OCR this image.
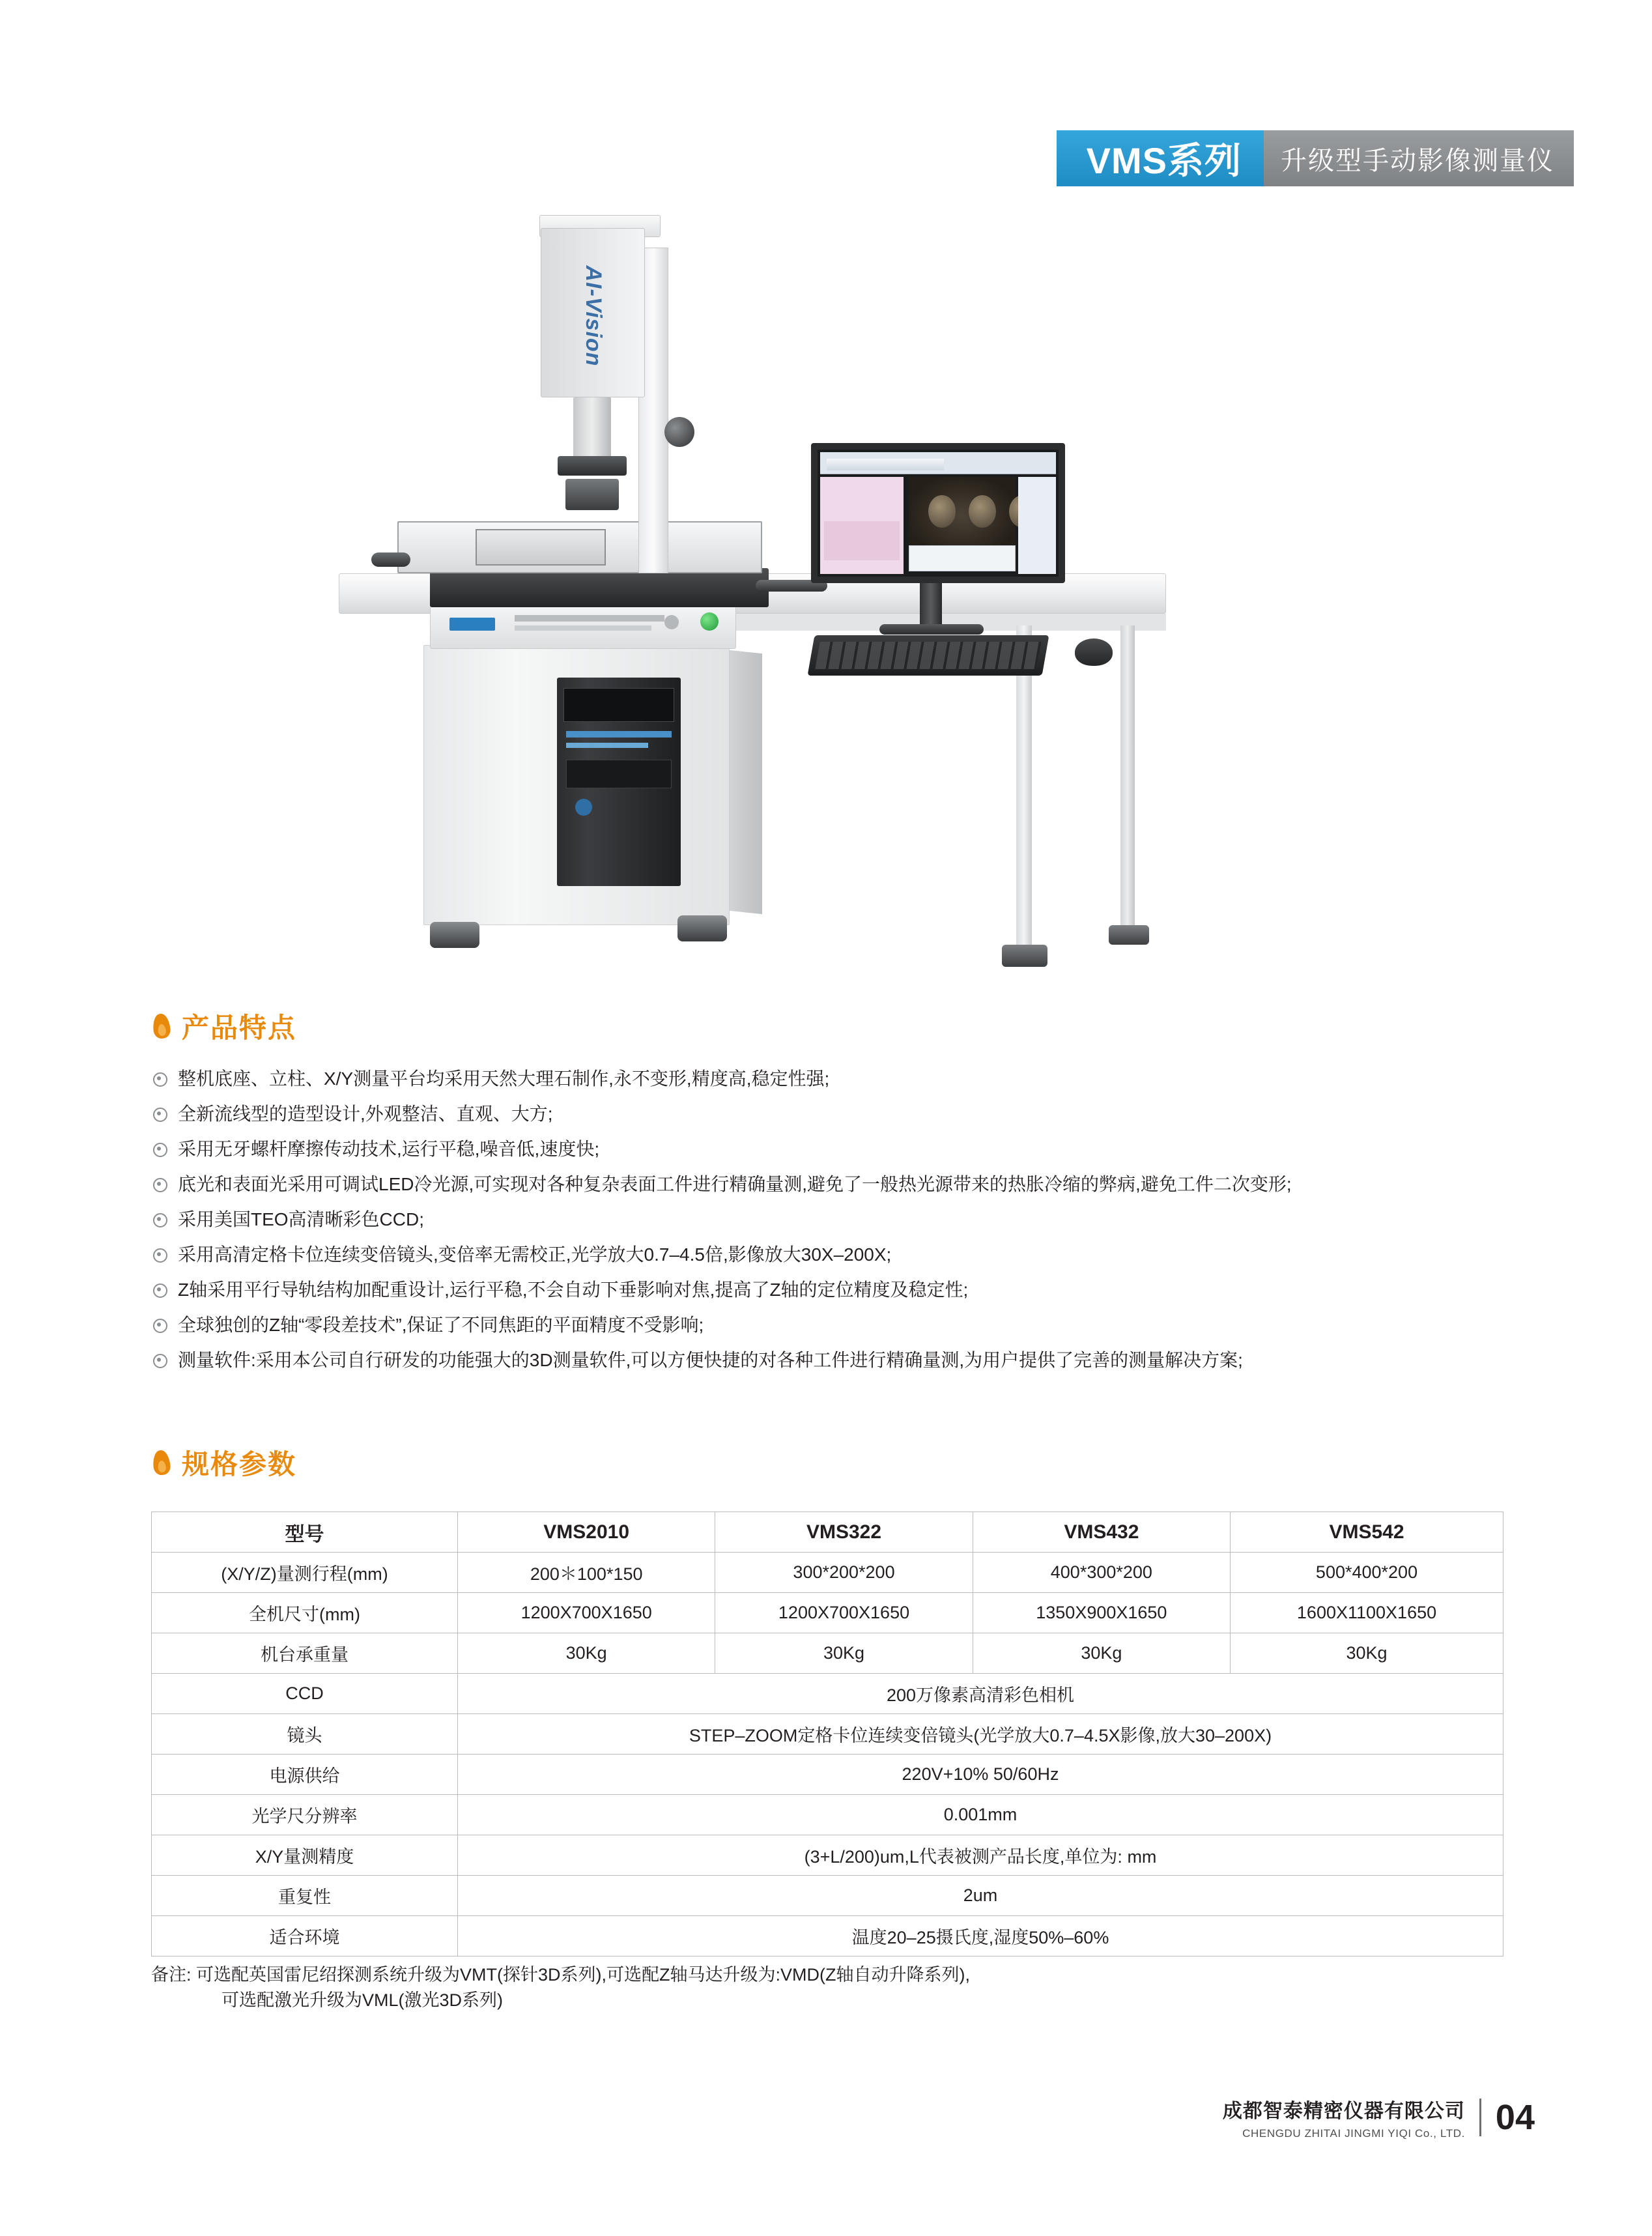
VMS系列	升级型手动影像测量仪
AI-Vision
产品特点
整机底座、立柱、X/Y测量平台均采用天然大理石制作,永不变形,精度高,稳定性强;
全新流线型的造型设计,外观整洁、直观、大方;
采用无牙螺杆摩擦传动技术,运行平稳,噪音低,速度快;
底光和表面光采用可调试LED冷光源,可实现对各种复杂表面工件进行精确量测,避免了一般热光源带来的热胀冷缩的弊病,避免工件二次变形;
采用美国TEO高清晰彩色CCD;
采用高清定格卡位连续变倍镜头,变倍率无需校正,光学放大0.7–4.5倍,影像放大30X–200X;
Z轴采用平行导轨结构加配重设计,运行平稳,不会自动下垂影响对焦,提高了Z轴的定位精度及稳定性;
全球独创的Z轴“零段差技术”,保证了不同焦距的平面精度不受影响;
测量软件:采用本公司自行研发的功能强大的3D测量软件,可以方便快捷的对各种工件进行精确量测,为用户提供了完善的测量解决方案;
规格参数
型号	VMS2010	VMS322	VMS432	VMS542
(X/Y/Z)量测行程(mm)	200＊100*150	300*200*200	400*300*200	500*400*200
全机尺寸(mm)	1200X700X1650	1200X700X1650	1350X900X1650	1600X1100X1650
机台承重量	30Kg	30Kg	30Kg	30Kg
CCD	200万像素高清彩色相机			
镜头	STEP–ZOOM定格卡位连续变倍镜头(光学放大0.7–4.5X影像,放大30–200X)			
电源供给	220V+10% 50/60Hz			
光学尺分辨率	0.001mm			
X/Y量测精度	(3+L/200)um,L代表被测产品长度,单位为: mm			
重复性	2um			
适合环境	温度20–25摄氏度,湿度50%–60%			
备注: 可选配英国雷尼绍探测系统升级为VMT(探针3D系列),可选配Z轴马达升级为:VMD(Z轴自动升降系列),
可选配激光升级为VML(激光3D系列)
成都智泰精密仪器有限公司
CHENGDU ZHITAI JINGMI YIQI Co., LTD. 04
